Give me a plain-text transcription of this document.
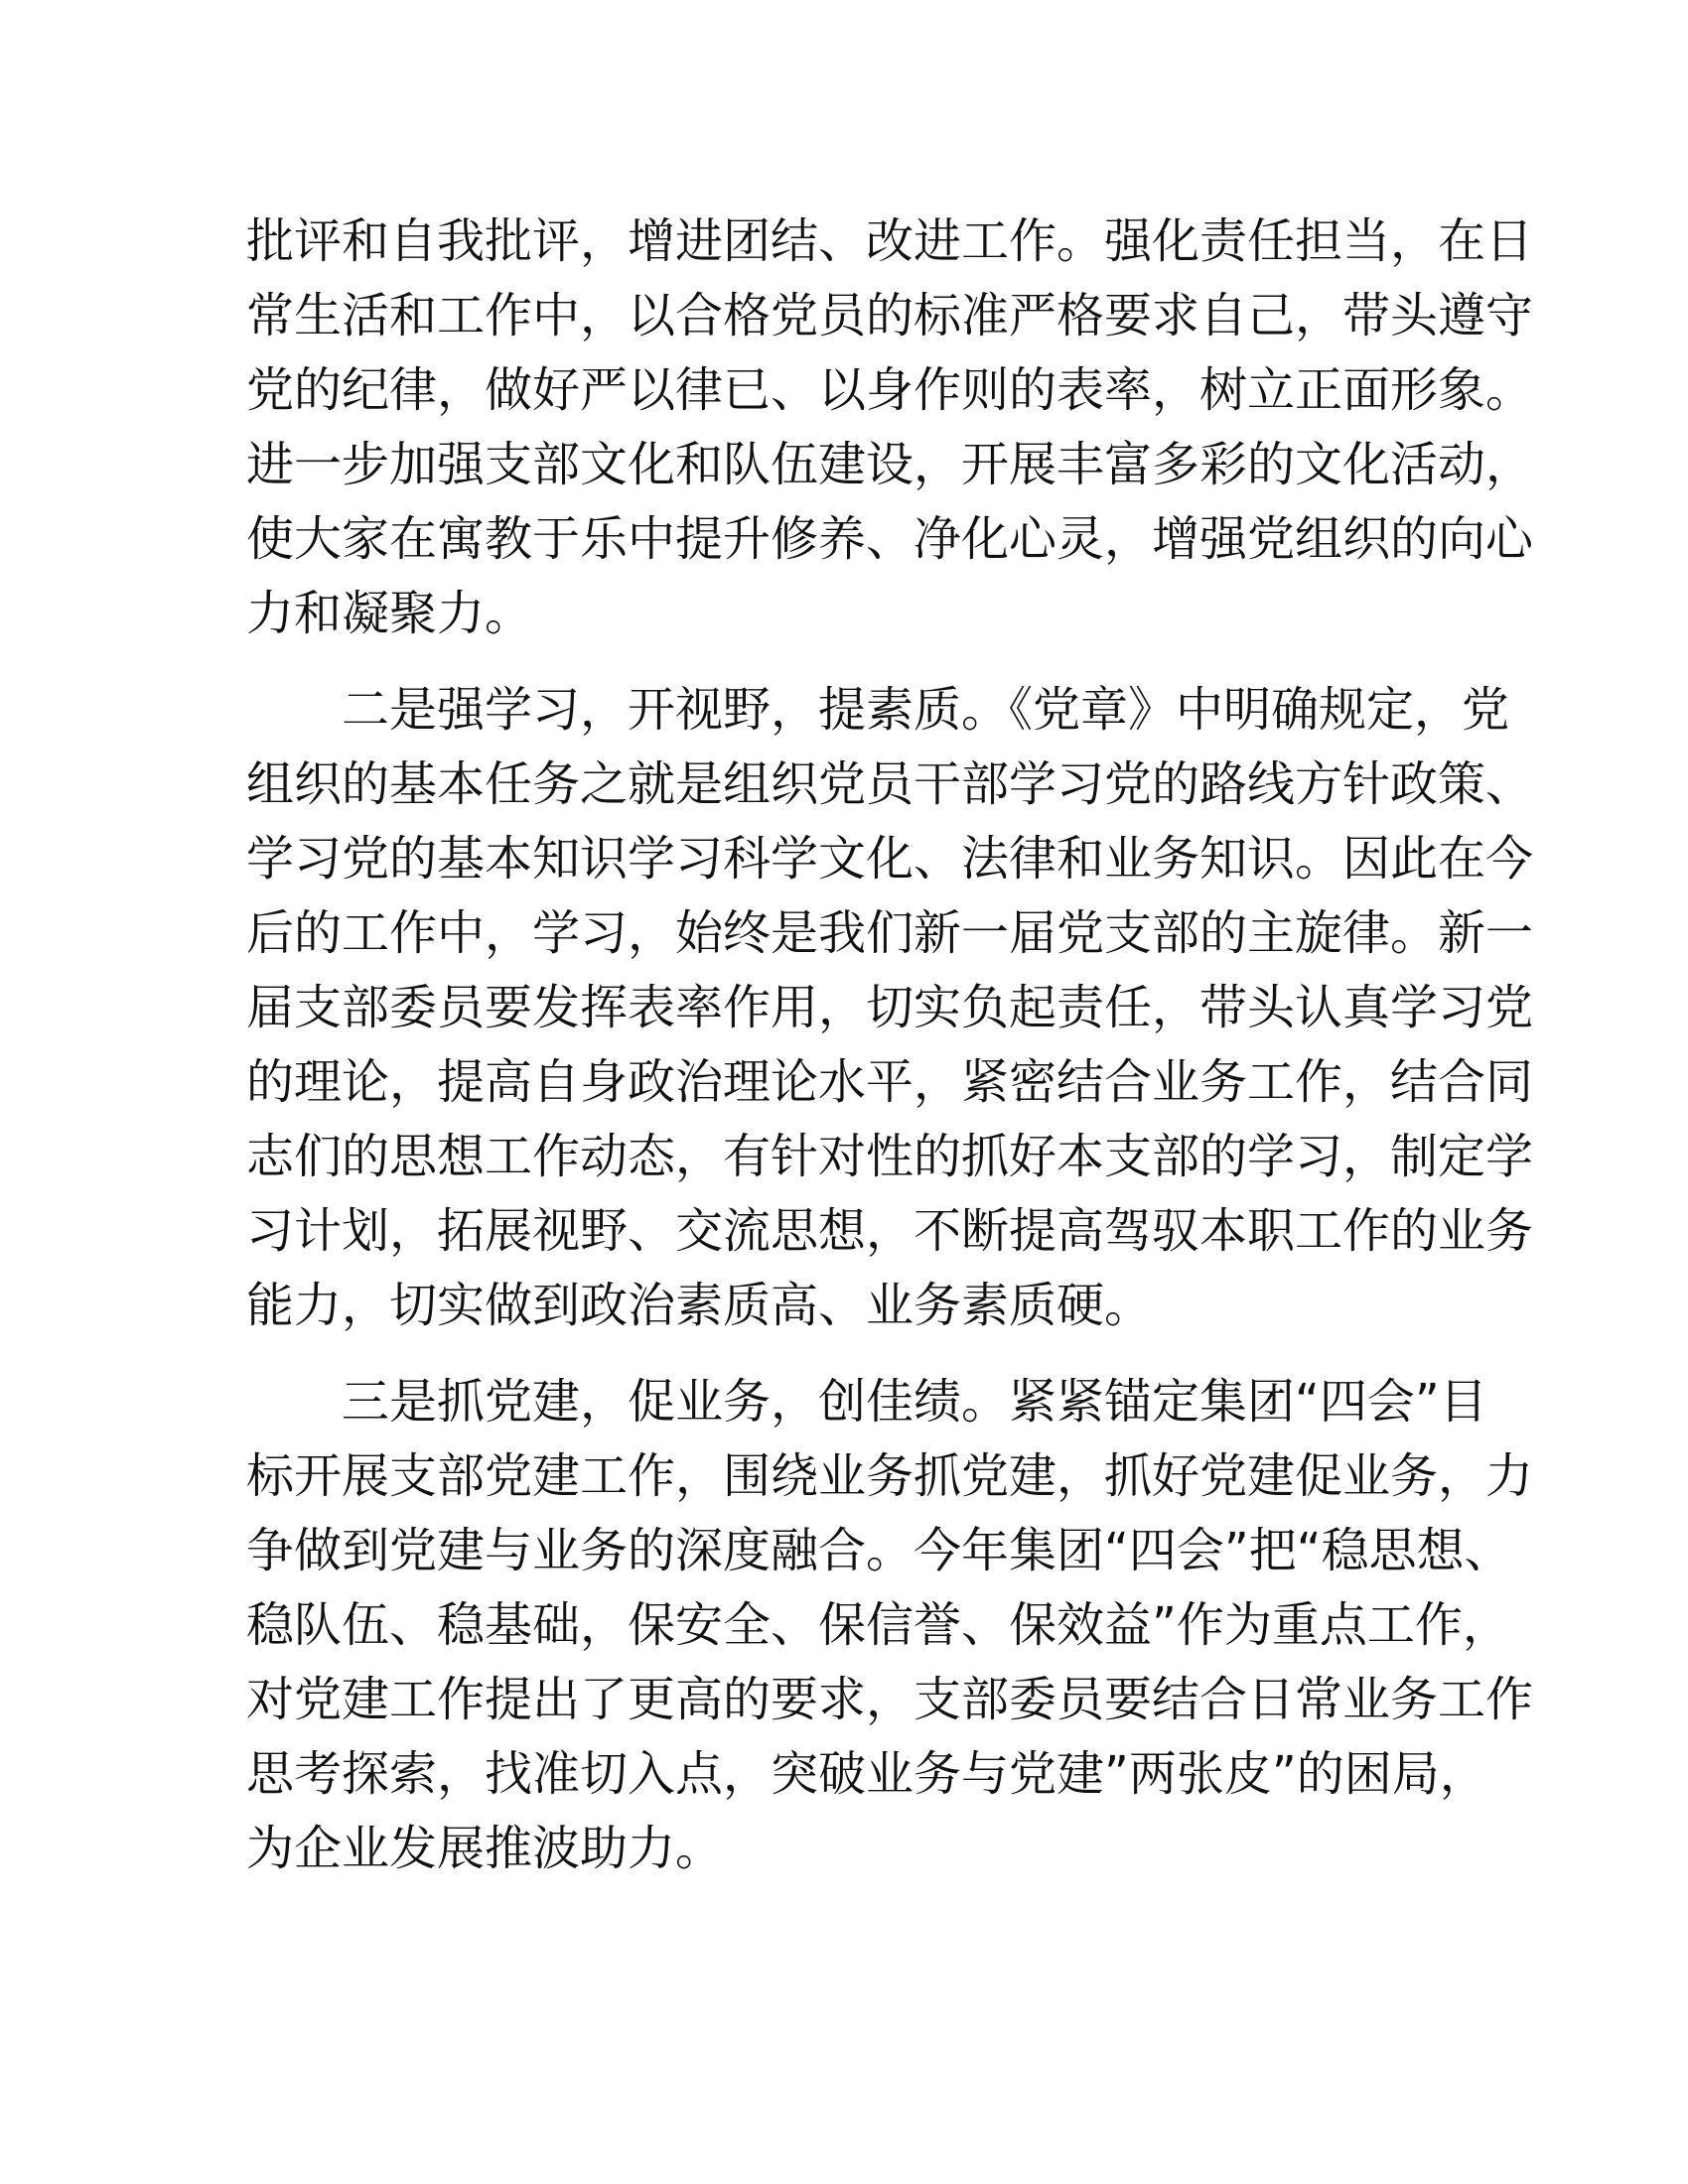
批评和自我批评，增进团结、改进工作。强化责任担当，在日
常生活和工作中，以合格党员的标准严格要求自己，带头遵守
党的纪律，做好严以律已、以身作则的表率，树立正面形象。
进一步加强支部文化和队伍建设，开展丰富多彩的文化活动，
使大家在寓教于乐中提升修养、净化心灵，增强党组织的向心
力和凝聚力。
二是强学习，开视野，提素质。《党章》中明确规定，党
组织的基本任务之就是组织党员干部学习党的路线方针政策、
学习党的基本知识学习科学文化、法律和业务知识。因此在今
后的工作中，学习，始终是我们新一届党支部的主旋律。新一
届支部委员要发挥表率作用，切实负起责任，带头认真学习党
的理论，提高自身政治理论水平，紧密结合业务工作，结合同
志们的思想工作动态，有针对性的抓好本支部的学习，制定学
习计划，拓展视野、交流思想，不断提高驾驭本职工作的业务
能力，切实做到政治素质高、业务素质硬。
三是抓党建，促业务，创佳绩。紧紧锚定集团“四会”目
标开展支部党建工作，围绕业务抓党建，抓好党建促业务，力
争做到党建与业务的深度融合。今年集团“四会”把“稳思想、
稳队伍、稳基础，保安全、保信誉、保效益”作为重点工作，
对党建工作提出了更高的要求，支部委员要结合日常业务工作
思考探索，找准切入点，突破业务与党建”两张皮”的困局，
为企业发展推波助力。
